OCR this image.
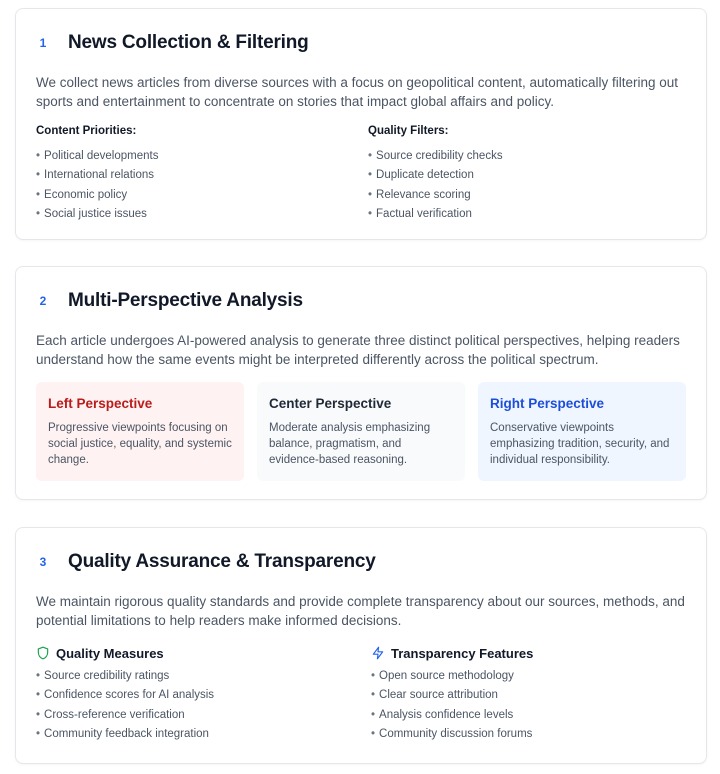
1 News Collection & Filtering

We collect news articles from diverse sources with a focus on geopolitical content, automatically filtering out sports and entertainment to concentrate on stories that impact global affairs and policy.

Content Priorities:
• Political developments
• International relations
• Economic policy
• Social justice issues
Quality Filters:
• Source credibility checks
• Duplicate detection
• Relevance scoring
• Factual verification
2 Multi-Perspective Analysis

Each article undergoes AI-powered analysis to generate three distinct political perspectives, helping readers understand how the same events might be interpreted differently across the political spectrum.

Left Perspective
Progressive viewpoints focusing on social justice, equality, and systemic change.
Center Perspective
Moderate analysis emphasizing balance, pragmatism, and evidence-based reasoning.
Right Perspective
Conservative viewpoints emphasizing tradition, security, and individual responsibility.
3 Quality Assurance & Transparency

We maintain rigorous quality standards and provide complete transparency about our sources, methods, and potential limitations to help readers make informed decisions.

Quality Measures
• Source credibility ratings
• Confidence scores for AI analysis
• Cross-reference verification
• Community feedback integration
Transparency Features
• Open source methodology
• Clear source attribution
• Analysis confidence levels
• Community discussion forums
